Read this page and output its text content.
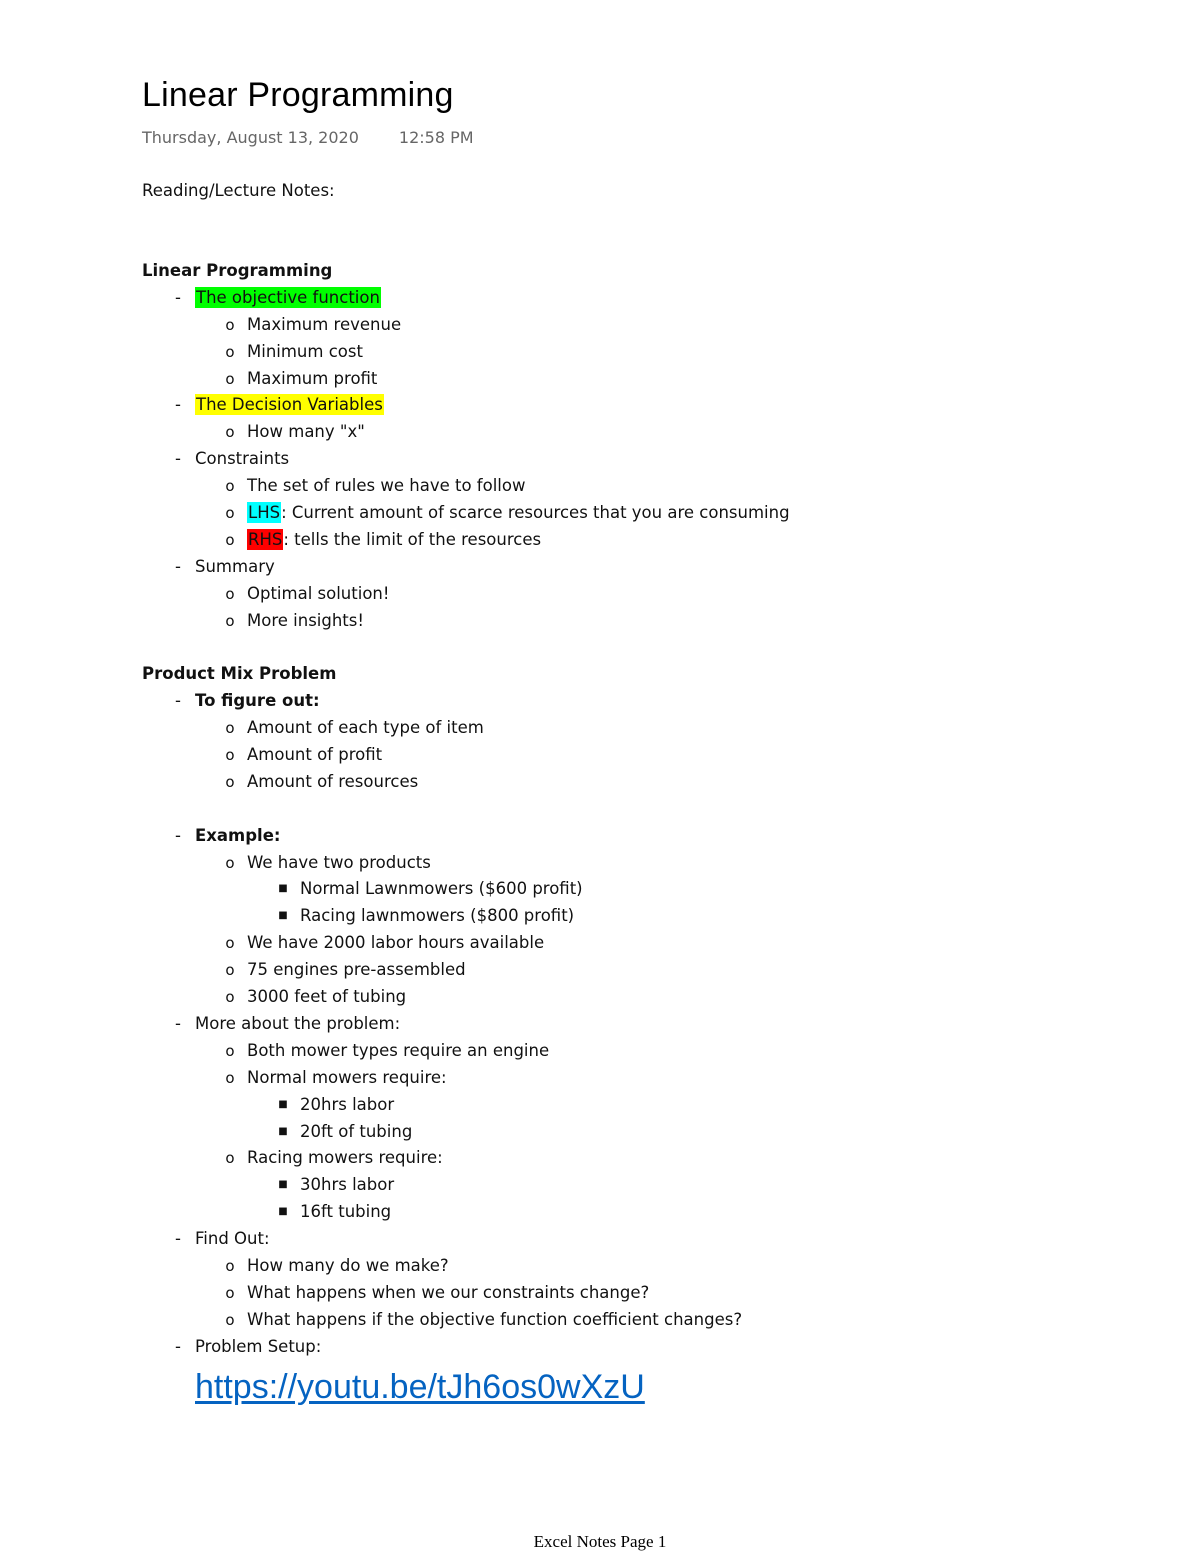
Linear Programming
Thursday, August 13, 2020	12:58 PM
Reading/Lecture Notes:
Linear Programming
- The objective function
o Maximum revenue
o Minimum cost
o Maximum profit
- The Decision Variables
o How many "x"
- Constraints
o The set of rules we have to follow
o LHS: Current amount of scarce resources that you are consuming
o RHS: tells the limit of the resources
- Summary
o Optimal solution!
o More insights!
Product Mix Problem
- To figure out:
o Amount of each type of item
o Amount of profit
o Amount of resources
- Example:
o We have two products
■ Normal Lawnmowers ($600 profit)
■ Racing lawnmowers ($800 profit)
o We have 2000 labor hours available
o 75 engines pre-assembled
o 3000 feet of tubing
- More about the problem:
o Both mower types require an engine
o Normal mowers require:
■ 20hrs labor
■ 20ft of tubing
o Racing mowers require:
■ 30hrs labor
■ 16ft tubing
- Find Out:
o How many do we make?
o What happens when we our constraints change?
o What happens if the objective function coefficient changes?
- Problem Setup:
https://youtu.be/tJh6os0wXzU
Excel Notes Page 1
